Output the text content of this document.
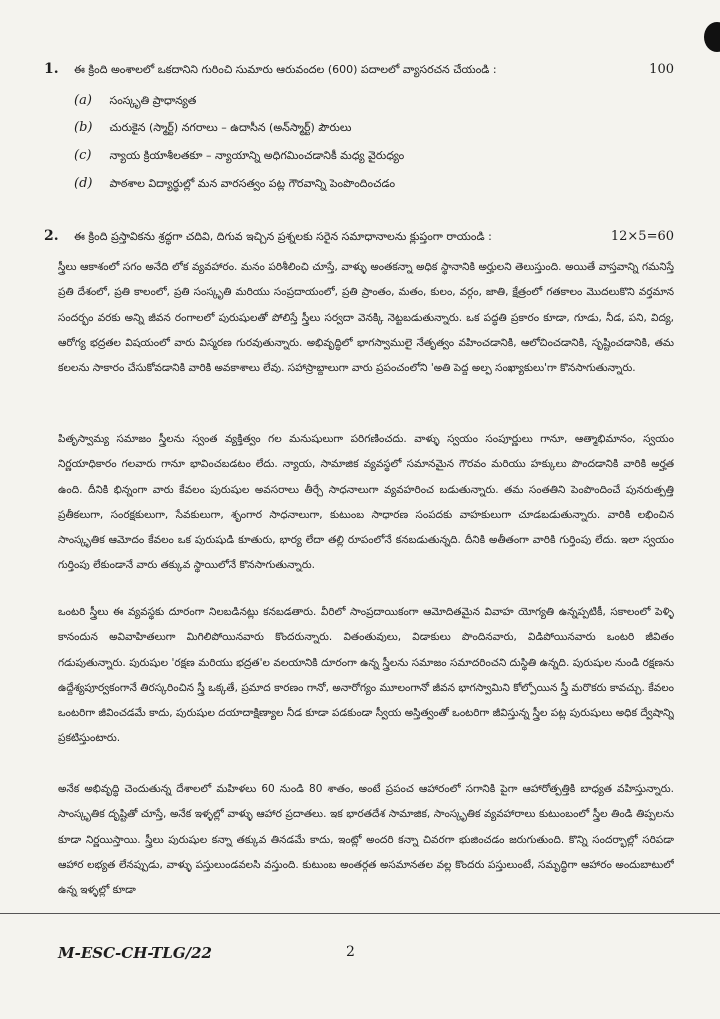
1. ఈ క్రింది అంశాలలో ఒకదానిని గురించి సుమారు ఆరువందల (600) పదాలలో వ్యాసరచన చేయండి :	100
(a) సంస్కృతి ప్రాధాన్యత
(b) చురుకైన (స్మార్ట్) నగరాలు – ఉదాసీన (అన్‌స్మార్ట్) పౌరులు
(c) న్యాయ క్రియాశీలతకూ – న్యాయాన్ని అధిగమించడానికీ మధ్య వైరుధ్యం
(d) పాఠశాల విద్యార్థుల్లో మన వారసత్వం పట్ల గౌరవాన్ని పెంపొందించడం
2. ఈ క్రింది ప్రస్తావికను శ్రద్ధగా చదివి, దిగువ ఇచ్చిన ప్రశ్నలకు సరైన సమాధానాలను క్లుప్తంగా రాయండి :	12×5=60
స్త్రీలు ఆకాశంలో సగం అనేది లోక వ్యవహారం. మనం పరిశీలించి చూస్తే, వాళ్ళు అంతకన్నా అధిక స్థానానికి అర్హులని తెలుస్తుంది. అయితే వాస్తవాన్ని గమనిస్తే ప్రతి దేశంలో, ప్రతి కాలంలో, ప్రతి సంస్కృతి మరియు సంప్రదాయంలో, ప్రతి ప్రాంతం, మతం, కులం, వర్గం, జాతి, క్షేత్రంలో గతకాలం మొదలుకొని వర్తమాన సందర్భం వరకు అన్ని జీవన రంగాలలో పురుషులతో పోలిస్తే స్త్రీలు సర్వదా వెనక్కి నెట్టబడుతున్నారు. ఒక పద్ధతి ప్రకారం కూడా, గూడు, నీడ, పని, విద్య, ఆరోగ్య భద్రతల విషయంలో వారు విస్మరణ గురవుతున్నారు. అభివృద్ధిలో భాగస్వాములై నేతృత్వం వహించడానికి, ఆలోచించడానికి, సృష్టించడానికి, తమ కలలను సాకారం చేసుకోవడానికి వారికి అవకాశాలు లేవు. సహాస్రాబ్దాలుగా వారు ప్రపంచంలోని 'అతి పెద్ద అల్ప సంఖ్యాకులు'గా కొనసాగుతున్నారు.
పితృస్వామ్య సమాజం స్త్రీలను స్వంత వ్యక్తిత్వం గల మనుషులుగా పరిగణించదు. వాళ్ళు స్వయం సంపూర్ణులు గానూ, ఆత్మాభిమానం, స్వయం నిర్ణయాధికారం గలవారు గానూ భావించబడటం లేదు. న్యాయ, సామాజిక వ్యవస్థలో సమానమైన గౌరవం మరియు హక్కులు పొందడానికి వారికి అర్హత ఉంది. దీనికి భిన్నంగా వారు కేవలం పురుషుల అవసరాలు తీర్చే సాధనాలుగా వ్యవహరించ బడుతున్నారు. తమ సంతతిని పెంపొందించే పునరుత్పత్తి ప్రతీకలుగా, సంరక్షకులుగా, సేవకులుగా, శృంగార సాధనాలుగా, కుటుంబ సాధారణ సంపదకు వాహకులుగా చూడబడుతున్నారు. వారికి లభించిన సాంస్కృతిక ఆమోదం కేవలం ఒక పురుషుడి కూతురు, భార్య లేదా తల్లి రూపంలోనే కనబడుతున్నది. దీనికి అతీతంగా వారికి గుర్తింపు లేదు. ఇలా స్వయం గుర్తింపు లేకుండానే వారు తక్కువ స్థాయిలోనే కొనసాగుతున్నారు.
ఒంటరి స్త్రీలు ఈ వ్యవస్థకు దూరంగా నిలబడినట్లు కనబడతారు. వీరిలో సాంప్రదాయికంగా ఆమోదితమైన వివాహ యోగ్యతి ఉన్నప్పటికీ, సకాలంలో పెళ్ళి కానందున అవివాహితలుగా మిగిలిపోయినవారు కొందరున్నారు. వితంతువులు, విడాకులు పొందినవారు, విడిపోయినవారు ఒంటరి జీవితం గడుపుతున్నారు. పురుషుల 'రక్షణ మరియు భద్రత'ల వలయానికి దూరంగా ఉన్న స్త్రీలను సమాజం సమాదరించని దుస్థితి ఉన్నది. పురుషుల నుండి రక్షణను ఉద్దేశ్యపూర్వకంగానే తిరస్కరించిన స్త్రీ ఒక్కతే, ప్రమాద కారణం గానో, అనారోగ్యం మూలంగానో జీవన భాగస్వామిని కోల్పోయిన స్త్రీ మరొకరు కావచ్చు. కేవలం ఒంటరిగా జీవించడమే కాదు, పురుషుల దయాదాక్షిణ్యాల నీడ కూడా పడకుండా స్వీయ అస్తిత్వంతో ఒంటరిగా జీవిస్తున్న స్త్రీల పట్ల పురుషులు అధిక ద్వేషాన్ని ప్రకటిస్తుంటారు.
అనేక అభివృద్ధి చెందుతున్న దేశాలలో మహిళలు 60 నుండి 80 శాతం, అంటే ప్రపంచ ఆహారంలో సగానికి పైగా ఆహారోత్పత్తికి బాధ్యత వహిస్తున్నారు. సాంస్కృతిక దృష్టితో చూస్తే, అనేక ఇళ్ళల్లో వాళ్ళు ఆహార ప్రదాతలు. ఇక భారతదేశ సామాజిక, సాంస్కృతిక వ్యవహారాలు కుటుంబంలో స్త్రీల తిండి తిప్పలను కూడా నిర్ణయిస్తాయి. స్త్రీలు పురుషుల కన్నా తక్కువ తినడమే కాదు, ఇంట్లో అందరి కన్నా చివరగా భుజించడం జరుగుతుంది. కొన్ని సందర్భాల్లో సరిపడా ఆహార లభ్యత లేనప్పుడు, వాళ్ళు పస్తులుండవలసి వస్తుంది. కుటుంబ అంతర్గత అసమానతల వల్ల కొందరు పస్తులుంటే, సమృద్ధిగా ఆహారం అందుబాటులో ఉన్న ఇళ్ళల్లో కూడా
M-ESC-CH-TLG/22	2
